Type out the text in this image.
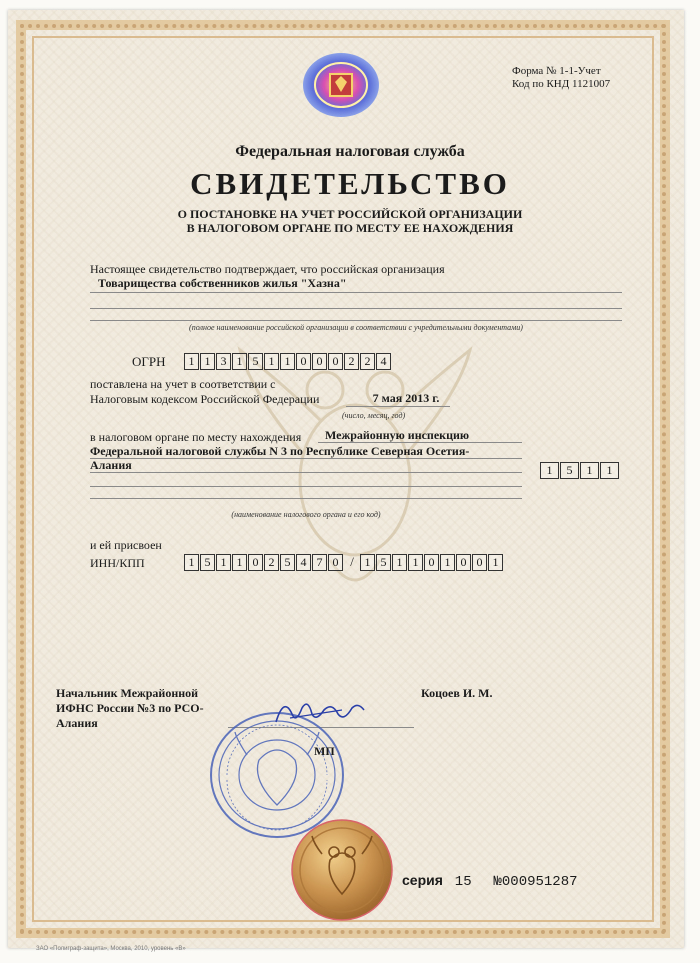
Форма № 1-1-Учет
Код по КНД 1121007
Федеральная налоговая служба
СВИДЕТЕЛЬСТВО
О ПОСТАНОВКЕ НА УЧЕТ РОССИЙСКОЙ ОРГАНИЗАЦИИ
В НАЛОГОВОМ ОРГАНЕ ПО МЕСТУ ЕЕ НАХОЖДЕНИЯ
Настоящее свидетельство подтверждает, что российская организация
Товарищества собственников жилья "Хазна"
(полное наименование российской организации в соответствии с учредительными документами)
ОГРН	1 1 3 1 5 1 1 0 0 0 2 2 4
поставлена на учет в соответствии с
Налоговым кодексом Российской Федерации	7 мая 2013 г.
(число, месяц, год)
в налоговом органе по месту нахождения Межрайонную инспекцию
Федеральной налоговой службы N 3 по Республике Северная Осетия-
Алания	1 5 1 1
(наименование налогового органа и его код)
и ей присвоен
ИНН/КПП	1 5 1 1 0 2 5 4 7 0 / 1 5 1 1 0 1 0 0 1
Начальник Межрайонной
ИФНС России №3 по РСО-
Алания
Коцоев И. М.
МП
серия 15 №000951287
ЗАО «Полиграф-защита», Москва, 2010, уровень «В»
